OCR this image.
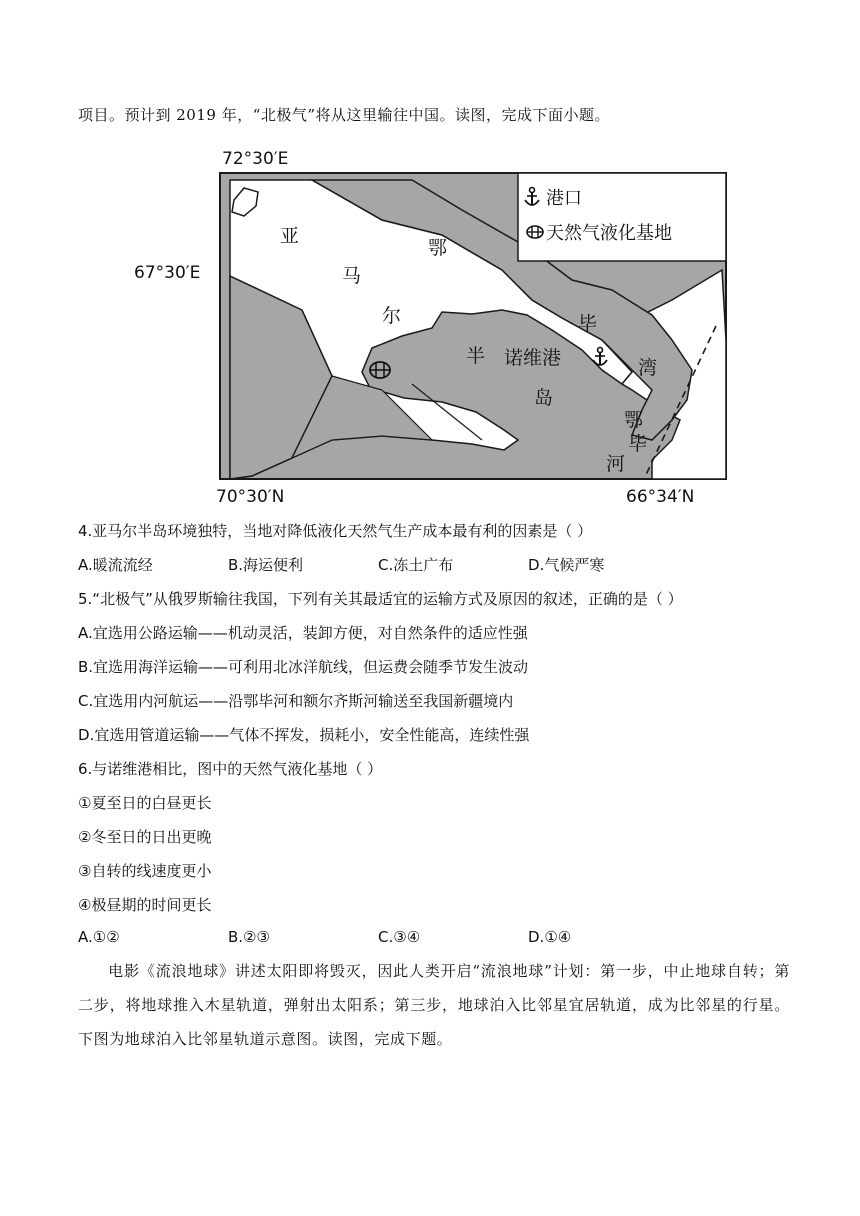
项目。预计到 2019 年，“北极气”将从这里输往中国。读图，完成下面小题。
港口
天然气液化基地
72°30′E
67°30′E
70°30′N	66°34′N
亚
马
尔
半
岛
诺维港
鄂
毕
湾
鄂
毕
河
4.亚马尔半岛环境独特，当地对降低液化天然气生产成本最有利的因素是（ ）
A.暖流流经	B.海运便利	C.冻土广布	D.气候严寒
5.“北极气”从俄罗斯输往我国，下列有关其最适宜的运输方式及原因的叙述，正确的是（ ）
A.宜选用公路运输——机动灵活，装卸方便，对自然条件的适应性强
B.宜选用海洋运输——可利用北冰洋航线，但运费会随季节发生波动
C.宜选用内河航运——沿鄂毕河和额尔齐斯河输送至我国新疆境内
D.宜选用管道运输——气体不挥发，损耗小，安全性能高，连续性强
6.与诺维港相比，图中的天然气液化基地（ ）
①夏至日的白昼更长
②冬至日的日出更晚
③自转的线速度更小
④极昼期的时间更长
A.①②	B.②③	C.③④	D.①④
电影《流浪地球》讲述太阳即将毁灭，因此人类开启“流浪地球”计划：第一步，中止地球自转；第二步，将地球推入木星轨道，弹射出太阳系；第三步，地球泊入比邻星宜居轨道，成为比邻星的行星。下图为地球泊入比邻星轨道示意图。读图，完成下题。
